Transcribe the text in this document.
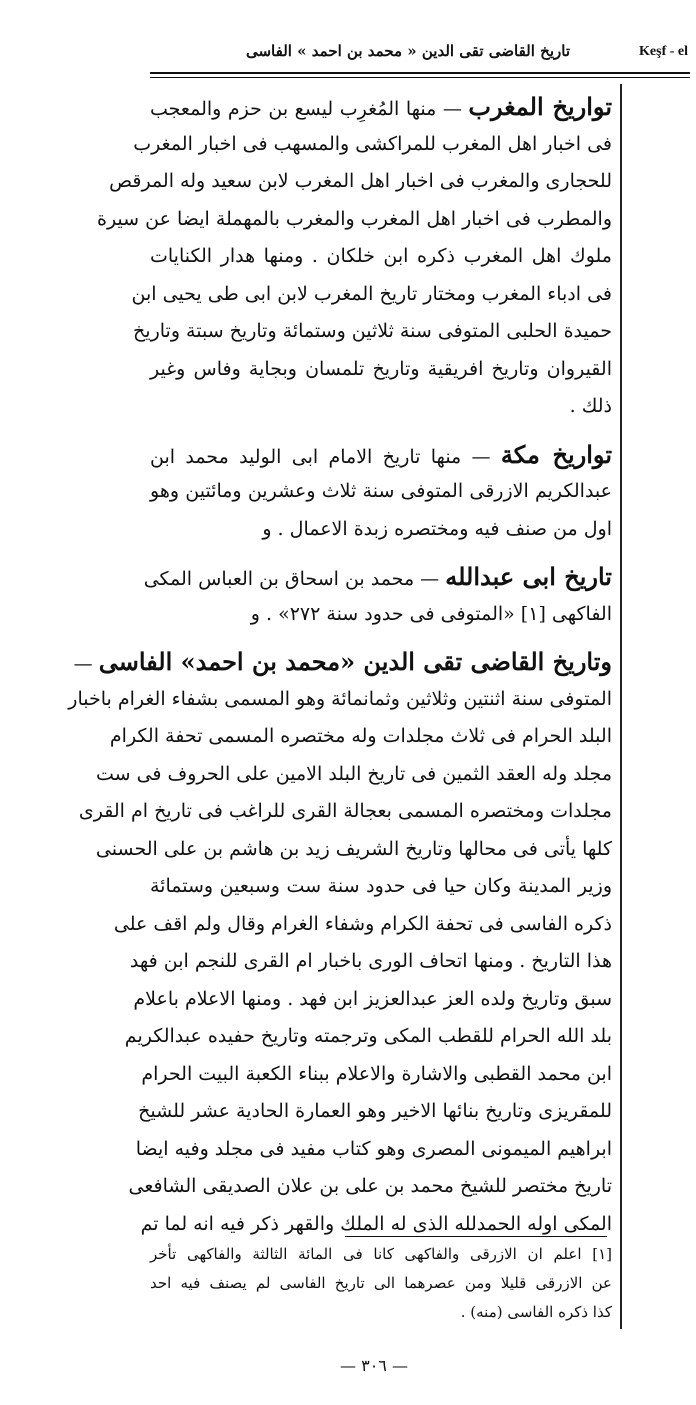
تاريخ القاضى تقى الدين « محمد بن احمد » الفاسى	Keşf - el
تواريخ المغرب — منها المُغرِب ليسع بن حزم والمعجب
فى اخبار اهل المغرب للمراكشى والمسهب فى اخبار المغرب
للحجارى والمغرب فى اخبار اهل المغرب لابن سعيد وله المرقص
والمطرب فى اخبار اهل المغرب والمغرب بالمهملة ايضا عن سيرة
ملوك اهل المغرب ذكره ابن خلكان . ومنها هدار الكنايات
فى ادباء المغرب ومختار تاريخ المغرب لابن ابى طى يحيى ابن
حميدة الحلبى المتوفى سنة ثلاثين وستمائة وتاريخ سبتة وتاريخ
القيروان وتاريخ افريقية وتاريخ تلمسان وبجاية وفاس وغير
ذلك .
تواريخ مكة — منها تاريخ الامام ابى الوليد محمد ابن
عبدالكريم الازرقى المتوفى سنة ثلاث وعشرين ومائتين وهو
اول من صنف فيه ومختصره زبدة الاعمال . و
تاريخ ابى عبدالله — محمد بن اسحاق بن العباس المكى
الفاكهى [١] «المتوفى فى حدود سنة ٢٧٢» . و
وتاريخ القاضى تقى الدين «محمد بن احمد» الفاسى —
المتوفى سنة اثنتين وثلاثين وثمانمائة وهو المسمى بشفاء الغرام باخبار
البلد الحرام فى ثلاث مجلدات وله مختصره المسمى تحفة الكرام
مجلد وله العقد الثمين فى تاريخ البلد الامين على الحروف فى ست
مجلدات ومختصره المسمى بعجالة القرى للراغب فى تاريخ ام القرى
كلها يأتى فى محالها وتاريخ الشريف زيد بن هاشم بن على الحسنى
وزير المدينة وكان حيا فى حدود سنة ست وسبعين وستمائة
ذكره الفاسى فى تحفة الكرام وشفاء الغرام وقال ولم اقف على
هذا التاريخ . ومنها اتحاف الورى باخبار ام القرى للنجم ابن فهد
سبق وتاريخ ولده العز عبدالعزيز ابن فهد . ومنها الاعلام باعلام
بلد الله الحرام للقطب المكى وترجمته وتاريخ حفيده عبدالكريم
ابن محمد القطبى والاشارة والاعلام ببناء الكعبة البيت الحرام
للمقريزى وتاريخ بنائها الاخير وهو العمارة الحادية عشر للشيخ
ابراهيم الميمونى المصرى وهو كتاب مفيد فى مجلد وفيه ايضا
تاريخ مختصر للشيخ محمد بن على بن علان الصديقى الشافعى
المكى اوله الحمدلله الذى له الملك والقهر ذكر فيه انه لما تم
[١] اعلم ان الازرقى والفاكهى كانا فى المائة الثالثة والفاكهى تأخر
عن الازرقى قليلا ومن عصرهما الى تاريخ الفاسى لم يصنف فيه احد
كذا ذكره الفاسى (منه) .
— ٣٠٦ —
